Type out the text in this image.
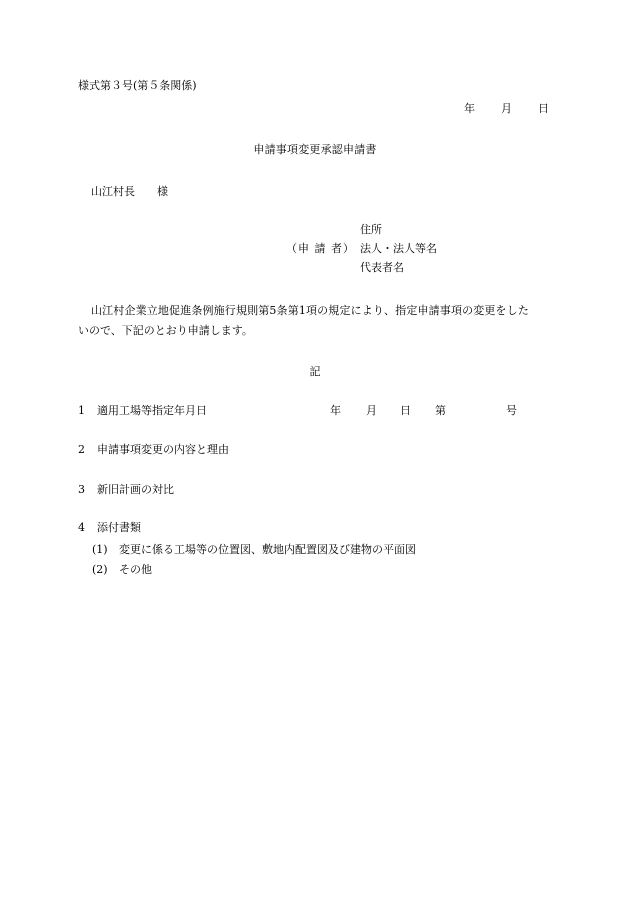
様式第３号(第５条関係)

年 月 日
申請事項変更承認申請書
山江村長 様

（申 請 者）

住所

法人・法人等名

代表者名

山江村企業立地促進条例施行規則第5条第1項の規定により、指定申請事項の変更をした

いので、下記のとおり申請します。

記

1	適用工場等指定年月日	年 月 日 第	号
2 申請事項変更の内容と理由
3 新旧計画の対比
4 添付書類
(1) 変更に係る工場等の位置図、敷地内配置図及び建物の平面図
(2) その他
